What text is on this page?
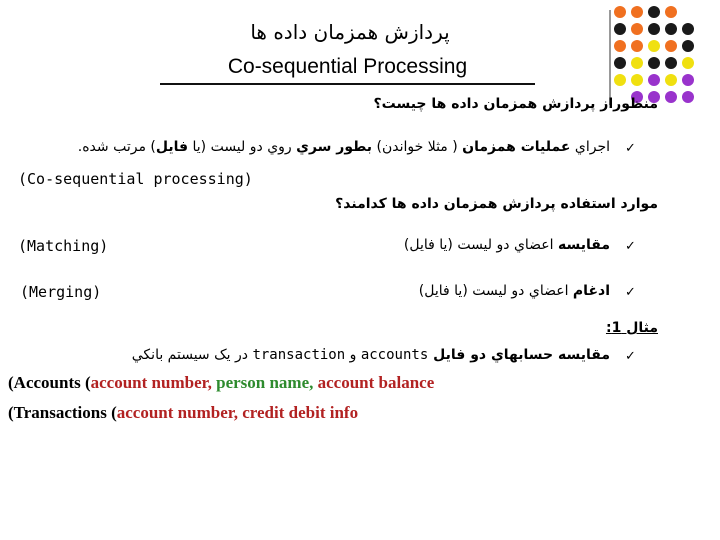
پردازش همزمان داده ها
Co-sequential Processing
منظوراز پردازش همزمان داده ها چيست؟
✓
اجراي عمليات همزمان ( مثلا خواندن) بطور سري روي دو ليست (يا فايل) مرتب شده.
(Co-sequential processing)
موارد استفاده پردازش همزمان داده ها كدامند؟
✓
مقايسه اعضاي دو ليست (يا فايل)
(Matching)
✓
ادغام اعضاي دو ليست (يا فايل)
(Merging)
مثال 1:
✓
مقايسه حسابهاي دو فايل accounts و transaction در يک سيستم بانکي
(Accounts (account number, person name, account balance
(Transactions (account number, credit debit info
